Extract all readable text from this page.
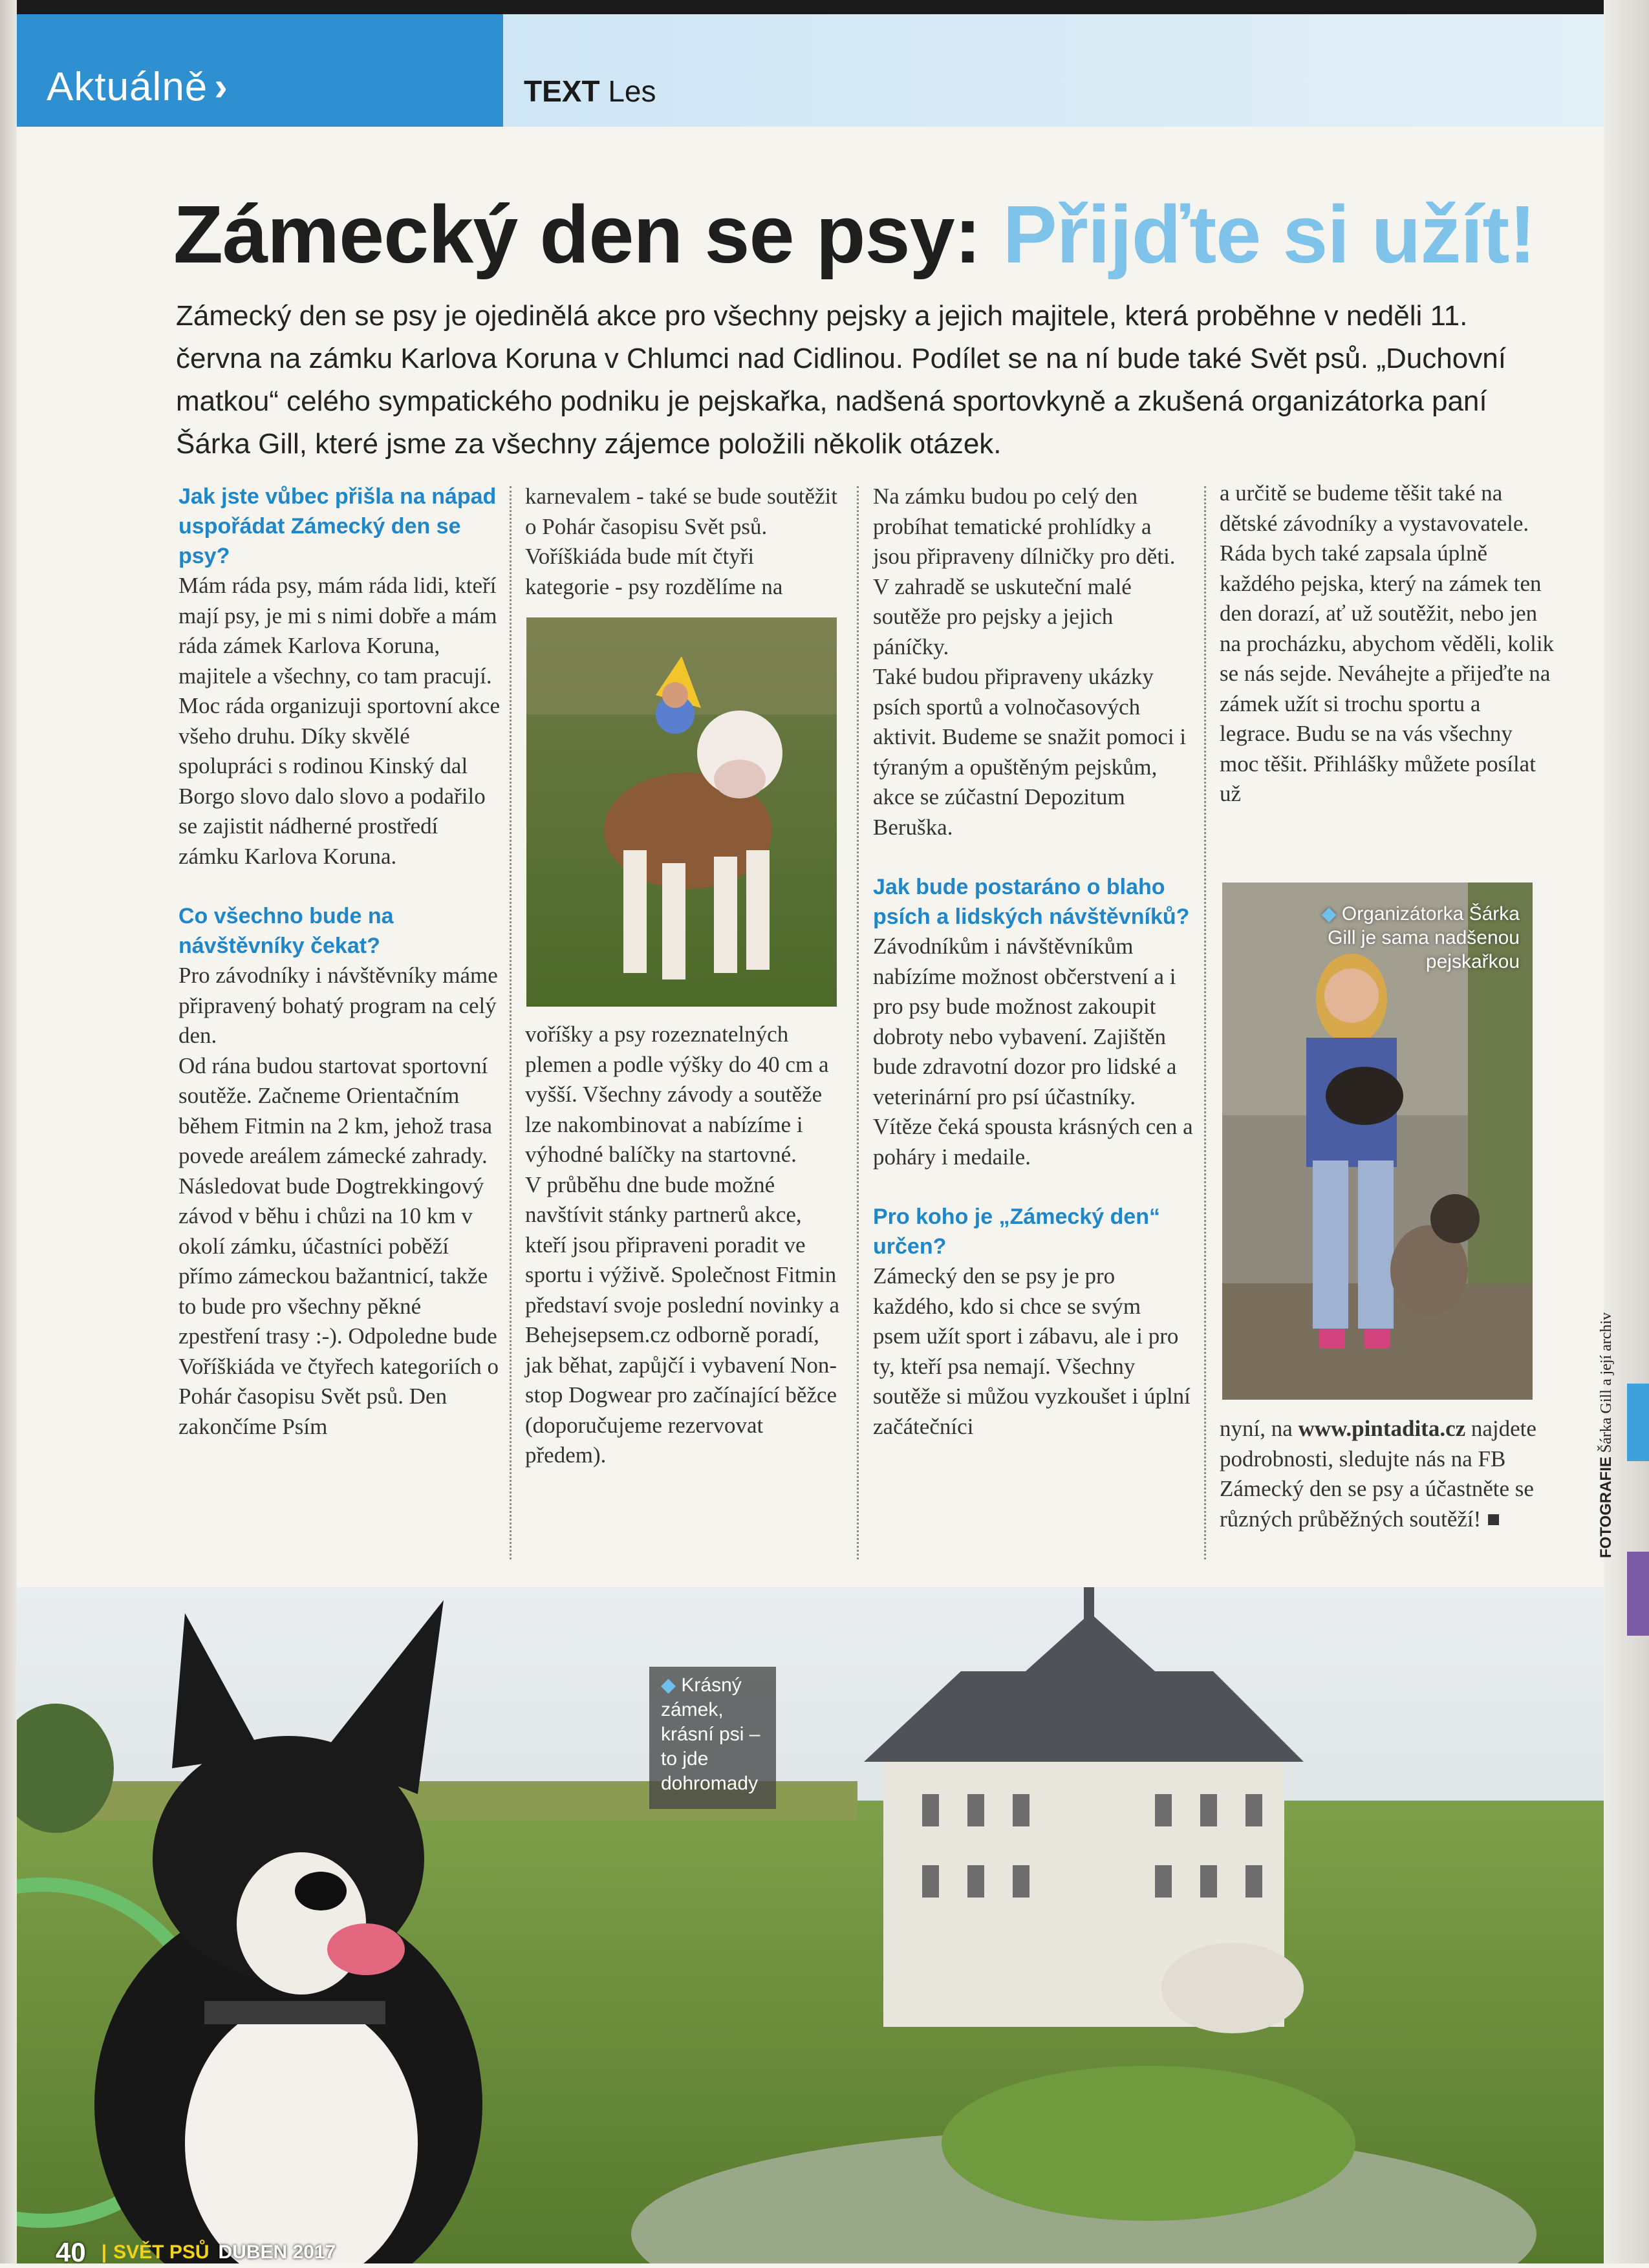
Aktuálně ›	TEXT Les
Zámecký den se psy: Přijďte si užít!
Zámecký den se psy je ojedinělá akce pro všechny pejsky a jejich majitele, která proběhne v neděli 11. června na zámku Karlova Koruna v Chlumci nad Cidlinou. Podílet se na ní bude také Svět psů. „Duchovní matkou“ celého sympatického podniku je pejskařka, nadšená sportovkyně a zkušená organizátorka paní Šárka Gill, které jsme za všechny zájemce položili několik otázek.
Jak jste vůbec přišla na nápad uspořádat Zámecký den se psy?

Mám ráda psy, mám ráda lidi, kteří mají psy, je mi s nimi dobře a mám ráda zámek Karlova Koruna, majitele a všechny, co tam pracují. Moc ráda organizuji sportovní akce všeho druhu. Díky skvělé spolupráci s rodinou Kinský dal Borgo slovo dalo slovo a podařilo se zajistit nádherné prostředí zámku Karlova Koruna.

Co všechno bude na návštěvníky čekat?

Pro závodníky i návštěvníky máme připravený bohatý program na celý den.

Od rána budou startovat sportovní soutěže. Začneme Orientačním během Fitmin na 2 km, jehož trasa povede areálem zámecké zahrady. Následovat bude Dogtrekkingový závod v běhu i chůzi na 10 km v okolí zámku, účastníci poběží přímo zámeckou bažantnicí, takže to bude pro všechny pěkné zpestření trasy :-). Odpoledne bude Voříškiáda ve čtyřech kategoriích o Pohár časopisu Svět psů. Den zakončíme Psím

karnevalem - také se bude soutěžit o Pohár časopisu Svět psů. Voříškiáda bude mít čtyři kategorie - psy rozdělíme na

voříšky a psy rozeznatelných plemen a podle výšky do 40 cm a vyšší. Všechny závody a soutěže lze nakombinovat a nabízíme i výhodné balíčky na startovné.

V průběhu dne bude možné navštívit stánky partnerů akce, kteří jsou připraveni poradit ve sportu i výživě. Společnost Fitmin představí svoje poslední novinky a Behejsepsem.cz odborně poradí, jak běhat, zapůjčí i vybavení Non-stop Dogwear pro začínající běžce (doporučujeme rezervovat předem).

Na zámku budou po celý den probíhat tematické prohlídky a jsou připraveny dílničky pro děti.

V zahradě se uskuteční malé soutěže pro pejsky a jejich páníčky.

Také budou připraveny ukázky psích sportů a volnočasových aktivit. Budeme se snažit pomoci i týraným a opuštěným pejskům, akce se zúčastní Depozitum Beruška.

Jak bude postaráno o blaho psích a lidských návštěvníků?

Závodníkům i návštěvníkům nabízíme možnost občerstvení a i pro psy bude možnost zakoupit dobroty nebo vybavení. Zajištěn bude zdravotní dozor pro lidské a veterinární pro psí účastníky. Vítěze čeká spousta krásných cen a poháry i medaile.

Pro koho je „Zámecký den“ určen?

Zámecký den se psy je pro každého, kdo si chce se svým psem užít sport i zábavu, ale i pro ty, kteří psa nemají. Všechny soutěže si můžou vyzkoušet i úplní začátečníci

a určitě se budeme těšit také na dětské závodníky a vystavovatele.

Ráda bych také zapsala úplně každého pejska, který na zámek ten den dorazí, ať už soutěžit, nebo jen na procházku, abychom věděli, kolik se nás sejde. Neváhejte a přijeďte na zámek užít si trochu sportu a legrace. Budu se na vás všechny moc těšit. Přihlášky můžete posílat už

◆ Organizátorka Šárka Gill je sama nadšenou pejskařkou

nyní, na www.pintadita.cz najdete podrobnosti, sledujte nás na FB Zámecký den se psy a účastněte se různých průběžných soutěží! ■	FOTOGRAFIE Šárka Gill a její archiv
◆ Krásný zámek, krásní psi – to jde dohromady
40 | SVĚT PSŮ DUBEN 2017
